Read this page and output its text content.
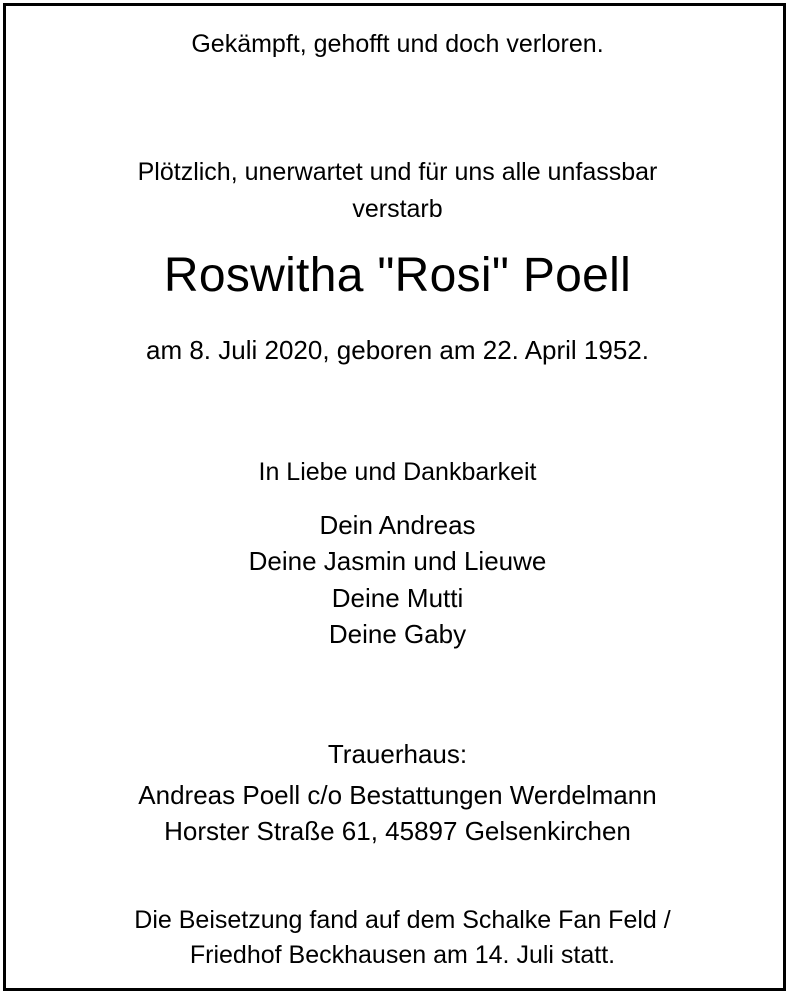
Gekämpft, gehofft und doch verloren.
Plötzlich, unerwartet und für uns alle unfassbar
verstarb
Roswitha "Rosi" Poell
am 8. Juli 2020, geboren am 22. April 1952.
In Liebe und Dankbarkeit
Dein Andreas
Deine Jasmin und Lieuwe
Deine Mutti
Deine Gaby
Trauerhaus:
Andreas Poell c/o Bestattungen Werdelmann
Horster Straße 61, 45897 Gelsenkirchen
Die Beisetzung fand auf dem Schalke Fan Feld /
Friedhof Beckhausen am 14. Juli statt.
